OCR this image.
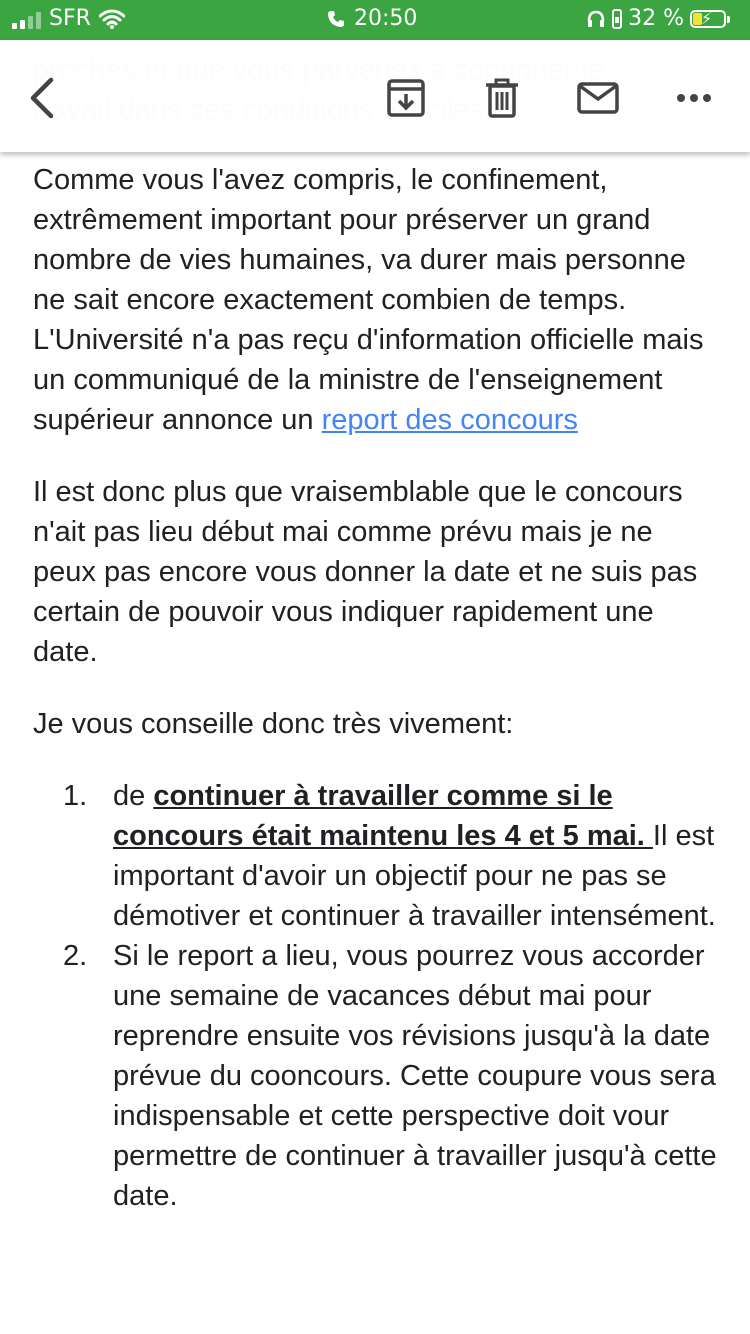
SFR	20:50	32 % ⚡

Comme vous l'avez compris, le confinement, extrêmement important pour préserver un grand nombre de vies humaines, va durer mais personne ne sait encore exactement combien de temps. L'Université n'a pas reçu d'information officielle mais un communiqué de la ministre de l'enseignement supérieur annonce un report des concours

Il est donc plus que vraisemblable que le concours n'ait pas lieu début mai comme prévu mais je ne peux pas encore vous donner la date et ne suis pas certain de pouvoir vous indiquer rapidement une date.

Je vous conseille donc très vivement:

1. de continuer à travailler comme si le concours était maintenu les 4 et 5 mai. Il est important d'avoir un objectif pour ne pas se démotiver et continuer à travailler intensément.
2. Si le report a lieu, vous pourrez vous accorder une semaine de vacances début mai pour reprendre ensuite vos révisions jusqu'à la date prévue du cooncours. Cette coupure vous sera indispensable et cette perspective doit vour permettre de continuer à travailler jusqu'à cette date.
